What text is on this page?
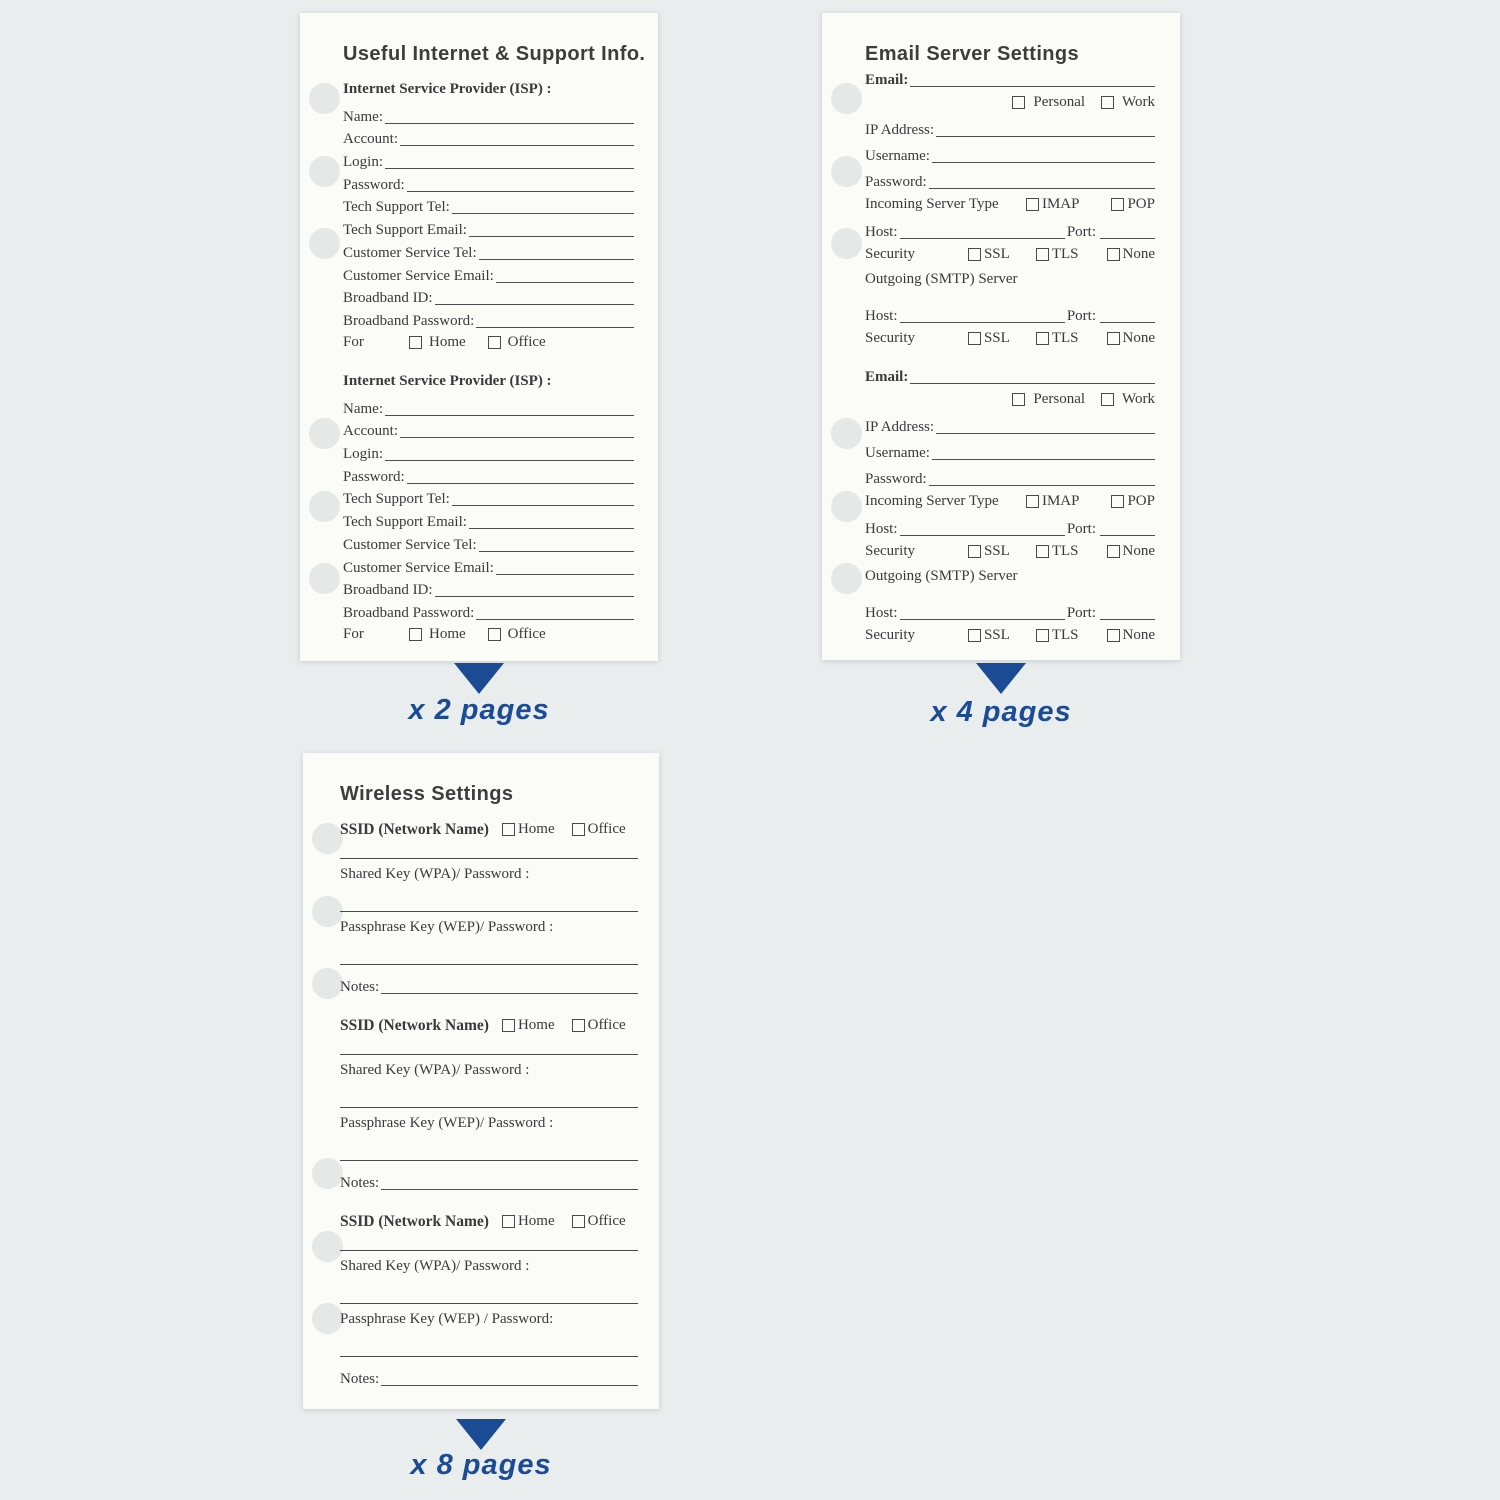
Useful Internet & Support Info.
Internet Service Provider (ISP) :
Name:
Account:
Login:
Password:
Tech Support Tel:
Tech Support Email:
Customer Service Tel:
Customer Service Email:
Broadband ID:
Broadband Password:
For	Home	Office
Internet Service Provider (ISP) :
Name:
Account:
Login:
Password:
Tech Support Tel:
Tech Support Email:
Customer Service Tel:
Customer Service Email:
Broadband ID:
Broadband Password:
For	Home	Office
Email Server Settings
Email:
Personal Work
IP Address:
Username:
Password:
Incoming Server Type	IMAP	POP
Host:	Port:
Security	SSL	TLS	None
Outgoing (SMTP) Server
Host:	Port:
Security	SSL	TLS	None
Email:
Personal Work
IP Address:
Username:
Password:
Incoming Server Type	IMAP	POP
Host:	Port:
Security	SSL	TLS	None
Outgoing (SMTP) Server
Host:	Port:
Security	SSL	TLS	None
Wireless Settings
SSID (Network Name) Home Office
Shared Key (WPA)/ Password :
Passphrase Key (WEP)/ Password :
Notes:
SSID (Network Name) Home Office
Shared Key (WPA)/ Password :
Passphrase Key (WEP)/ Password :
Notes:
SSID (Network Name) Home Office
Shared Key (WPA)/ Password :
Passphrase Key (WEP) / Password:
Notes:
x 2 pages	x 4 pages
x 8 pages
